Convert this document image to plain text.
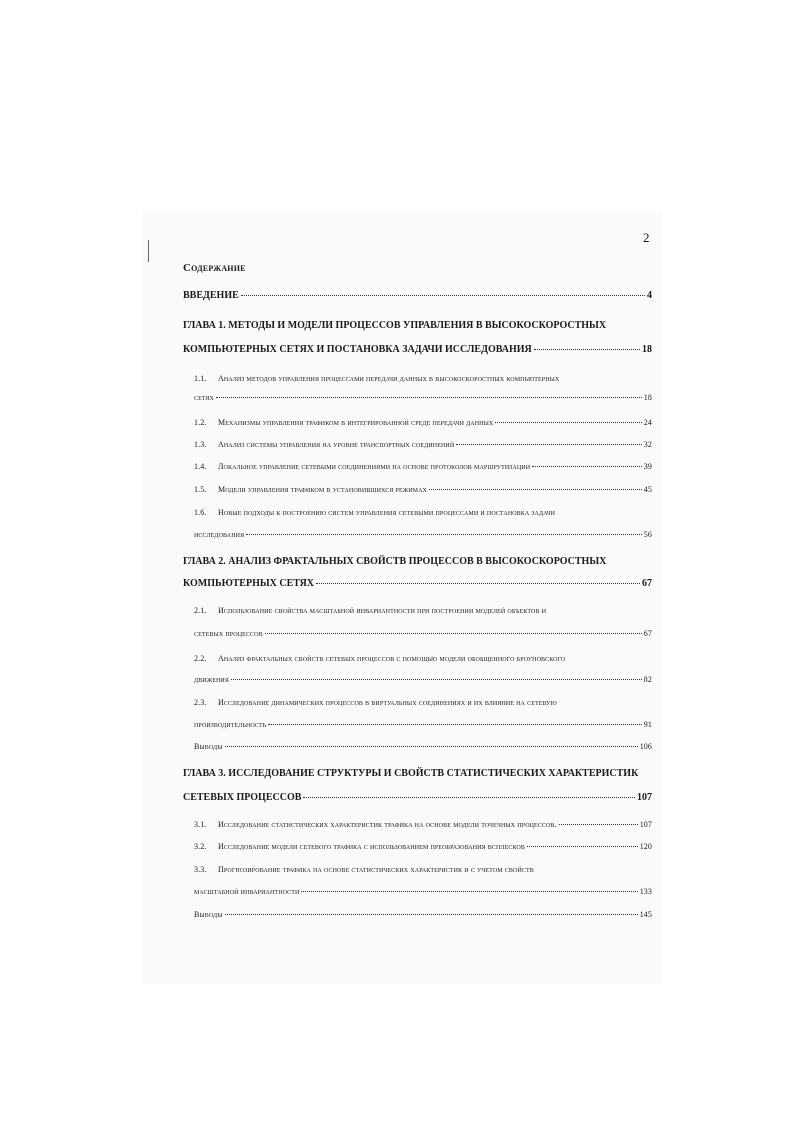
2
Содержание
ВВЕДЕНИЕ	4
ГЛАВА 1. МЕТОДЫ И МОДЕЛИ ПРОЦЕССОВ УПРАВЛЕНИЯ В ВЫСОКОСКОРОСТНЫХ
КОМПЬЮТЕРНЫХ СЕТЯХ И ПОСТАНОВКА ЗАДАЧИ ИССЛЕДОВАНИЯ	18
1.1. Анализ методов управления процессами передачи данных в высокоскоростных компьютерных
сетях	18
1.2.	Механизмы управления трафиком в интегрированной среде передачи данных	24
1.3.	Анализ системы управления на уровне транспортных соединений	32
1.4.	Локальное управление сетевыми соединениями на основе протоколов маршрутизации	39
1.5.	Модели управления трафиком в установившихся режимах	45
1.6. Новые подходы к построению систем управления сетевыми процессами и постановка задачи
исследования	56
ГЛАВА 2. АНАЛИЗ ФРАКТАЛЬНЫХ СВОЙСТВ ПРОЦЕССОВ В ВЫСОКОСКОРОСТНЫХ
КОМПЬЮТЕРНЫХ СЕТЯХ	67
2.1. Использование свойства масштабной инвариантности при построении моделей объектов и
сетевых процессов	67
2.2. Анализ фрактальных свойств сетевых процессов с помощью модели обобщенного броуновского
движения	82
2.3. Исследование динамических процессов в виртуальных соединениях и их влияние на сетевую
производительность	91
Выводы	106
ГЛАВА 3. ИССЛЕДОВАНИЕ СТРУКТУРЫ И СВОЙСТВ СТАТИСТИЧЕСКИХ ХАРАКТЕРИСТИК
СЕТЕВЫХ ПРОЦЕССОВ	107
3.1.	Исследование статистических характеристик трафика на основе модели точечных процессов.	107
3.2.	Исследование модели сетевого трафика с использованием преобразования всплесков	120
3.3. Прогнозирование трафика на основе статистических характеристик и с учетом свойств
масштабной инвариантности	133
Выводы	145
